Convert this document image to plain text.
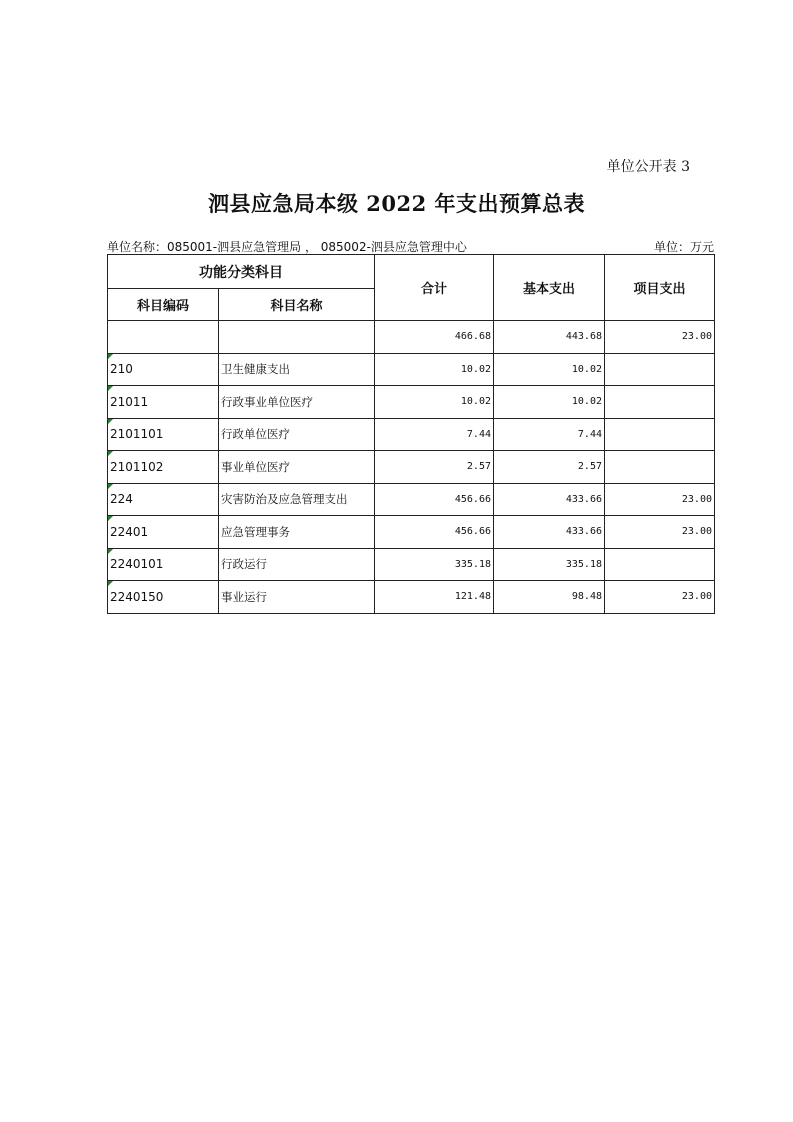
单位公开表 3
泗县应急局本级 2022 年支出预算总表
单位名称：085001-泗县应急管理局 ， 085002-泗县应急管理中心	单位：万元
功能分类科目		合计	基本支出	项目支出
科目编码	科目名称			
		466.68	443.68	23.00
210	卫生健康支出	10.02	10.02	
21011	行政事业单位医疗	10.02	10.02	
2101101	行政单位医疗	7.44	7.44	
2101102	事业单位医疗	2.57	2.57	
224	灾害防治及应急管理支出	456.66	433.66	23.00
22401	应急管理事务	456.66	433.66	23.00
2240101	行政运行	335.18	335.18	
2240150	事业运行	121.48	98.48	23.00
